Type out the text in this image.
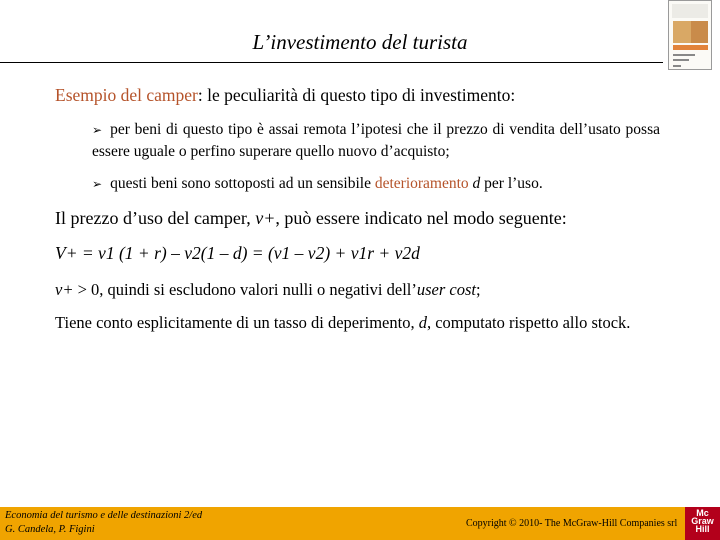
L’investimento del turista
Esempio del camper: le peculiarità di questo tipo di investimento:
➢ per beni di questo tipo è assai remota l’ipotesi che il prezzo di vendita dell’usato possa essere uguale o perfino superare quello nuovo d’acquisto;
➢ questi beni sono sottoposti ad un sensibile deterioramento d per l’uso.
Il prezzo d’uso del camper, v+, può essere indicato nel modo seguente:
V+ = v1 (1 + r) – v2(1 – d) = (v1 – v2) + v1r + v2d
v+ > 0, quindi si escludono valori nulli o negativi dell’user cost;
Tiene conto esplicitamente di un tasso di deperimento, d, computato rispetto allo stock.
Economia del turismo e delle destinazioni 2/ed
G. Candela, P. Figini
Copyright © 2010- The McGraw-Hill Companies srl
Mc
Graw
Hill
